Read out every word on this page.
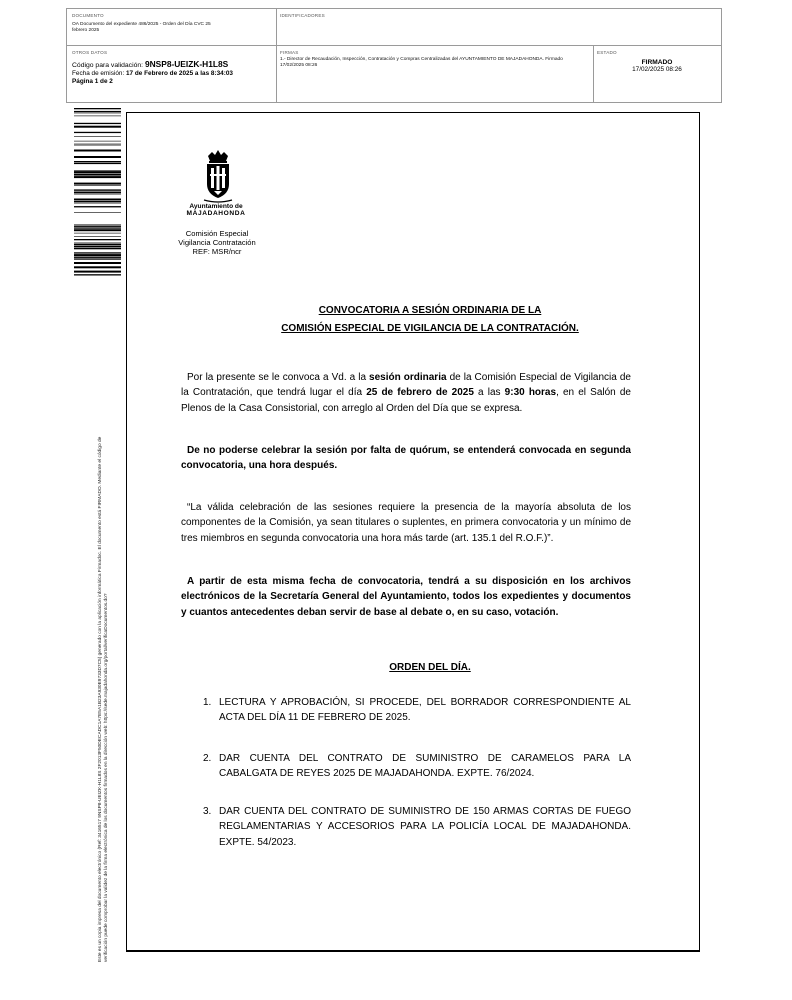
DOCUMENTO
OA Documento del expediente 486/2025 - Orden del Día CVC 25 febrero 2025
IDENTIFICADORES
OTROS DATOS
Código para validación: 9NSP8-UEIZK-H1L8S
Fecha de emisión: 17 de Febrero de 2025 a las 8:34:03
Página 1 de 2
FIRMAS
1.- Director de Recaudación, Inspección, Contratación y Compras Centralizadas del AYUNTAMIENTO DE MAJADAHONDA. Firmado 17/02/2025 08:26
ESTADO
FIRMADO
17/02/2025 08:26
Este es un copia impresa del documento electrónico (Ref: 3416517 9NSP8-UEIZK-H1L8S 2F2013F50DECADC1A7E5A1B23A930E9733D7C5) generado con la aplicación informática Firmadoc. El documento está FIRMADO. Mediante el código de verificación puede comprobar la validez de la firma electrónica de los documentos firmados en la dirección web: https://sede.majadahonda.org/portal/verificaDocumentos.do?
Ayuntamiento de
MAJADAHONDA
Comisión Especial
Vigilancia Contratación
REF: MSR/ncr
CONVOCATORIA A SESIÓN ORDINARIA DE LA
COMISIÓN ESPECIAL DE VIGILANCIA DE LA CONTRATACIÓN.
Por la presente se le convoca a Vd. a la sesión ordinaria de la Comisión Especial de Vigilancia de la Contratación, que tendrá lugar el día 25 de febrero de 2025 a las 9:30 horas, en el Salón de Plenos de la Casa Consistorial, con arreglo al Orden del Día que se expresa.
De no poderse celebrar la sesión por falta de quórum, se entenderá convocada en segunda convocatoria, una hora después.
“La válida celebración de las sesiones requiere la presencia de la mayoría absoluta de los componentes de la Comisión, ya sean titulares o suplentes, en primera convocatoria y un mínimo de tres miembros en segunda convocatoria una hora más tarde (art. 135.1 del R.O.F.)”.
A partir de esta misma fecha de convocatoria, tendrá a su disposición en los archivos electrónicos de la Secretaría General del Ayuntamiento, todos los expedientes y documentos y cuantos antecedentes deban servir de base al debate o, en su caso, votación.
ORDEN DEL DÍA.
1. LECTURA Y APROBACIÓN, SI PROCEDE, DEL BORRADOR CORRESPONDIENTE AL ACTA DEL DÍA 11 DE FEBRERO DE 2025.
2. DAR CUENTA DEL CONTRATO DE SUMINISTRO DE CARAMELOS PARA LA CABALGATA DE REYES 2025 DE MAJADAHONDA. EXPTE. 76/2024.
3. DAR CUENTA DEL CONTRATO DE SUMINISTRO DE 150 ARMAS CORTAS DE FUEGO REGLAMENTARIAS Y ACCESORIOS PARA LA POLICÍA LOCAL DE MAJADAHONDA. EXPTE. 54/2023.
